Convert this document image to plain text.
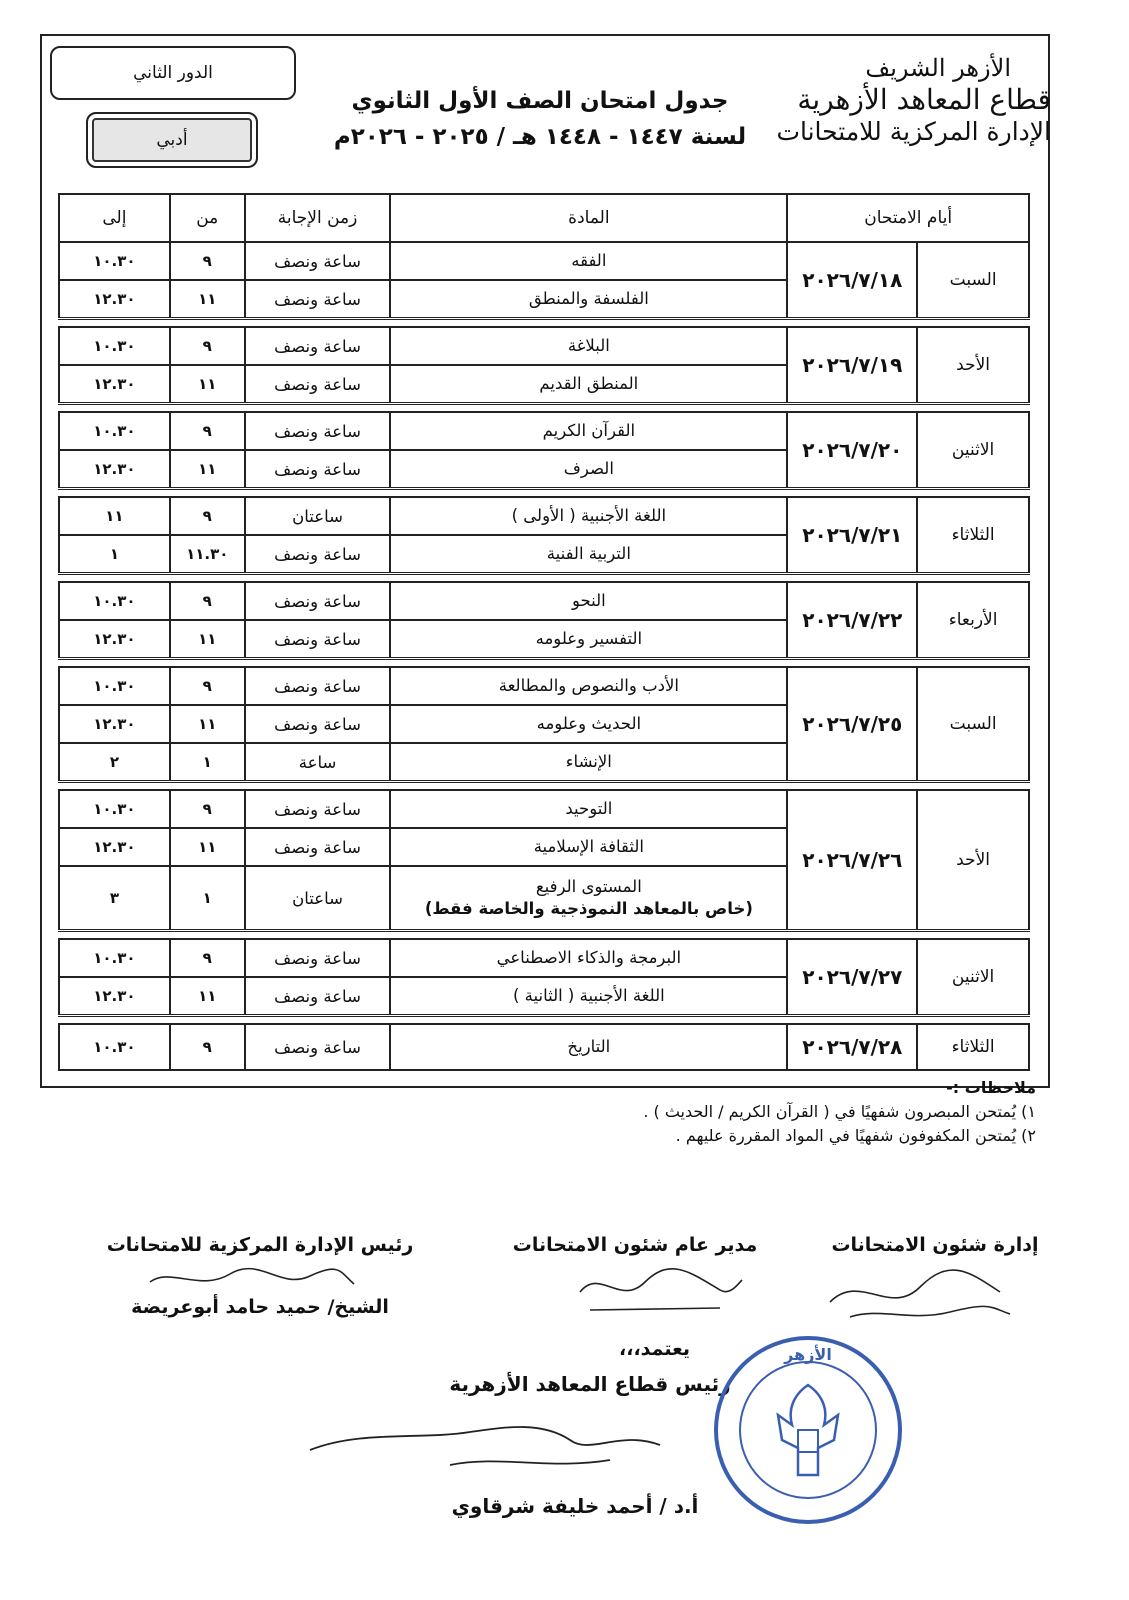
الأزهر الشريف
قطاع المعاهد الأزهرية
الإدارة المركزية للامتحانات
الدور الثاني
أدبي
جدول امتحان الصف الأول الثانوي
لسنة ١٤٤٧ - ١٤٤٨ هـ / ٢٠٢٥ - ٢٠٢٦م
أيام الامتحان		المادة	زمن الإجابة	من	إلى
السبت	٢٠٢٦/٧/١٨	الفقه	ساعة ونصف	٩	١٠.٣٠

		الفلسفة والمنطق	ساعة ونصف	١١	١٢.٣٠

الأحد	٢٠٢٦/٧/١٩	البلاغة	ساعة ونصف	٩	١٠.٣٠

		المنطق القديم	ساعة ونصف	١١	١٢.٣٠

الاثنين	٢٠٢٦/٧/٢٠	القرآن الكريم	ساعة ونصف	٩	١٠.٣٠

		الصرف	ساعة ونصف	١١	١٢.٣٠

الثلاثاء	٢٠٢٦/٧/٢١	اللغة الأجنبية ( الأولى )	ساعتان	٩	١١

		التربية الفنية	ساعة ونصف	١١.٣٠	١

الأربعاء	٢٠٢٦/٧/٢٢	النحو	ساعة ونصف	٩	١٠.٣٠

		التفسير وعلومه	ساعة ونصف	١١	١٢.٣٠

السبت	٢٠٢٦/٧/٢٥	الأدب والنصوص والمطالعة	ساعة ونصف	٩	١٠.٣٠

		الحديث وعلومه	ساعة ونصف	١١	١٢.٣٠

		الإنشاء	ساعة	١	٢

الأحد	٢٠٢٦/٧/٢٦	التوحيد	ساعة ونصف	٩	١٠.٣٠

		الثقافة الإسلامية	ساعة ونصف	١١	١٢.٣٠

		المستوى الرفيع
(خاص بالمعاهد النموذجية والخاصة فقط)	ساعتان	١	٣

الاثنين	٢٠٢٦/٧/٢٧	البرمجة والذكاء الاصطناعي	ساعة ونصف	٩	١٠.٣٠

		اللغة الأجنبية ( الثانية )	ساعة ونصف	١١	١٢.٣٠

الثلاثاء	٢٠٢٦/٧/٢٨	التاريخ	ساعة ونصف	٩	١٠.٣٠
ملاحظات :-
١) يُمتحن المبصرون شفهيًا في ( القرآن الكريم / الحديث ) .
٢) يُمتحن المكفوفون شفهيًا في المواد المقررة عليهم .
إدارة شئون الامتحانات
مدير عام شئون الامتحانات
رئيس الإدارة المركزية للامتحانات
الشيخ/ حميد حامد أبوعريضة
يعتمد،،،
رئيس قطاع المعاهد الأزهرية
أ.د / أحمد خليفة شرقاوي
الأزهر
